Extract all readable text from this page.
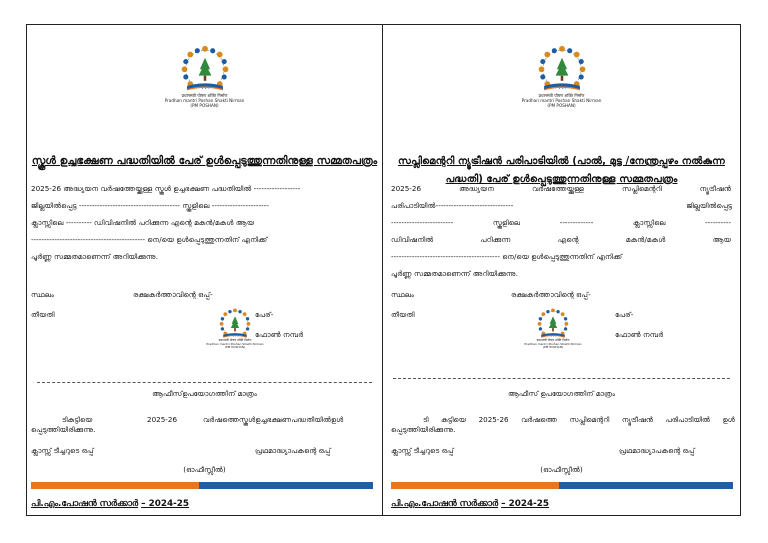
प्रधानमंत्री पोषण शक्ति निर्माण
Pradhan mantri Poshan Shakti Nirman
(PM POSHAN)
സ്കൂൾ ഉച്ചഭക്ഷണ പദ്ധതിയിൽ പേര് ഉൾപ്പെടുത്തുന്നതിനുള്ള സമ്മതപത്രം
2025-26 അദ്ധ്യയന വർഷത്തേയ്ക്കുള്ള സ്കൂൾ ഉച്ചഭക്ഷണ പദ്ധതിയിൽ ------------------
ജില്ലയിൽപ്പെട്ട --------------------------------------- സ്കൂളിലെ ----------------------
ക്ലാസ്സിലെ ---------- ഡിവിഷനിൽ പഠിക്കുന്ന എന്റെ മകൻ/മകൾ ആയ
-------------------------------------------- നെ/യെ ഉൾപ്പെടുത്തുന്നതിന് എനിക്ക്
പൂർണ്ണ സമ്മതമാണെന്ന് അറിയിക്കുന്നു.
സ്ഥലം	രക്ഷകർത്താവിന്റെ ഒപ്പ്-
തീയതി	പേര്-
ഫോൺ നമ്പർ
प्रधानमंत्री पोषण शक्ति निर्माण
Pradhan mantri Poshan Shakti Nirman
(PM POSHAN)
ആഫീസ്ഉപയോഗത്തിന് മാത്രം
ടികുട്ടിയെ	2025-26	വർഷത്തെസ്കൂൾഉച്ചഭക്ഷണപദ്ധതിയിൽഉൾ
പ്പെടുത്തിയിരിക്കുന്നു.
ക്ലാസ്സ് ടീച്ചറുടെ ഒപ്പ്	പ്രഥമാദ്ധ്യാപകന്റെ ഒപ്പ്
(ഓഫീസ്സീൽ)
പി.എം.പോഷൻ സർക്കാർ – 2024-25
प्रधानमंत्री पोषण शक्ति निर्माण
Pradhan mantri Poshan Shakti Nirman
(PM POSHAN)
സപ്ലിമെന്ററി ന്യൂട്രീഷൻ പരിപാടിയിൽ (പാൽ, മുട്ട /നേന്ത്രപ്പഴം നൽകുന്ന
പദ്ധതി) പേര് ഉൾപ്പെടുത്തുന്നതിനുള്ള സമ്മതപത്രം
2025-26 അദ്ധ്യയന വർഷത്തേയ്ക്കുള്ള സപ്ലിമെന്ററി ന്യൂട്രീഷൻ
പരിപാടിയിൽ------------------------------	ജില്ലയിൽപ്പെട്ട
------------------------ സ്കൂളിലെ ------------- ക്ലാസ്സിലെ ----------
ഡിവിഷനിൽ പഠിക്കുന്ന എന്റെ മകൻ/മകൾ ആയ
------------------------------------------ നെ/യെ ഉൾപ്പെടുത്തുന്നതിന് എനിക്ക്
പൂർണ്ണ സമ്മതമാണെന്ന് അറിയിക്കുന്നു.
സ്ഥലം	രക്ഷകർത്താവിന്റെ ഒപ്പ്-
തീയതി	പേര്-
ഫോൺ നമ്പർ
प्रधानमंत्री पोषण शक्ति निर्माण
Pradhan mantri Poshan Shakti Nirman
(PM POSHAN)
ആഫീസ് ഉപയോഗത്തിന് മാത്രം
ടി കുട്ടിയെ 2025-26 വർഷത്തെ സപ്ലിമെന്ററി ന്യൂട്രീഷൻ പരിപാടിയിൽ ഉൾ
പ്പെടുത്തിയിരിക്കുന്നു.
ക്ലാസ്സ് ടീച്ചറുടെ ഒപ്പ്	പ്രഥമാദ്ധ്യാപകന്റെ ഒപ്പ്
(ഓഫീസ്സീൽ)
പി.എം.പോഷൻ സർക്കാർ – 2024-25
